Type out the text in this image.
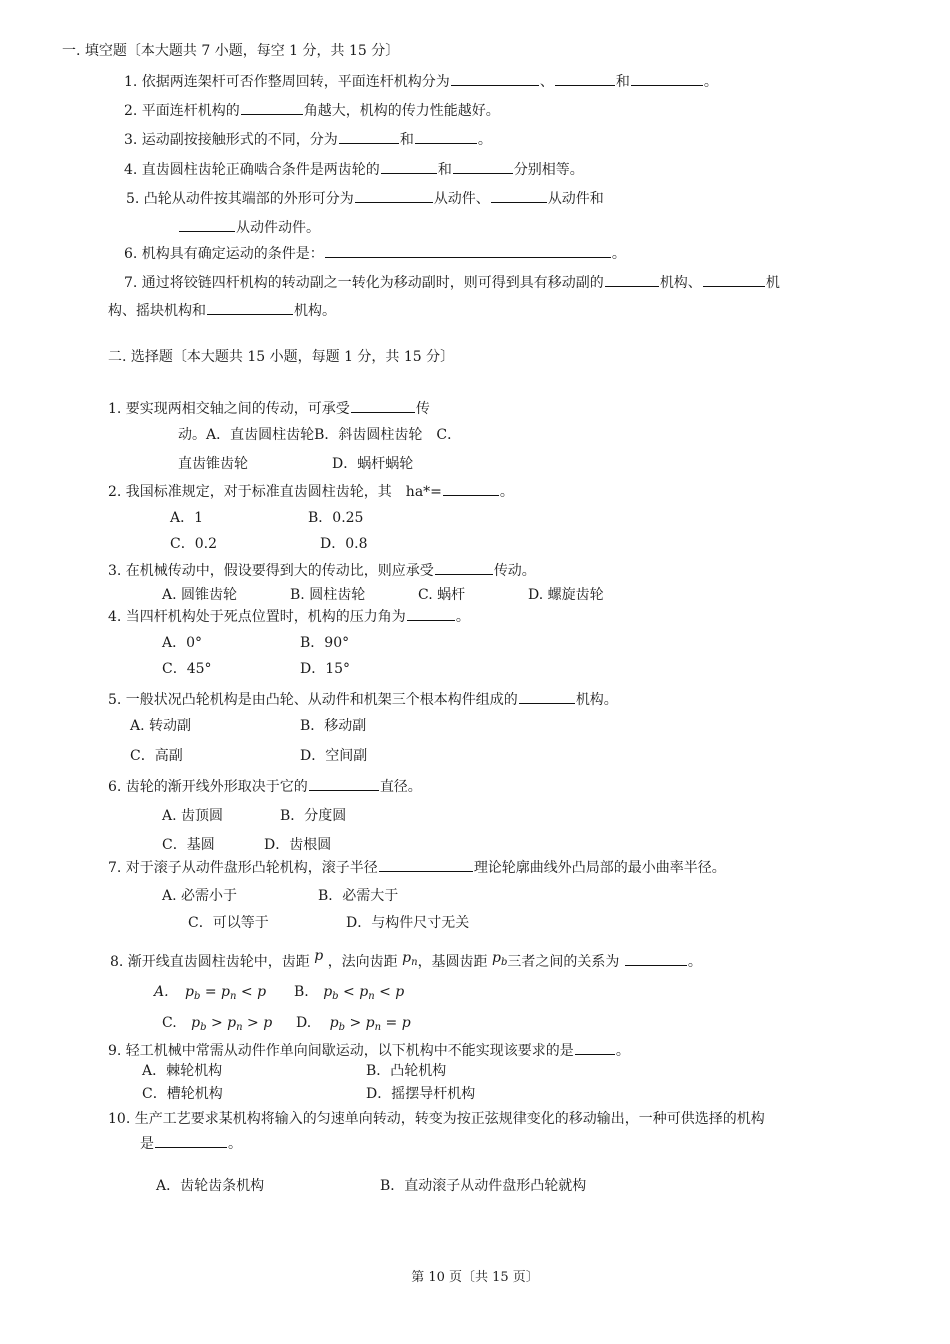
一. 填空题〔本大题共 7 小题，每空 1 分，共 15 分〕
1. 依据两连架杆可否作整周回转，平面连杆机构分为	、	和	。
2. 平面连杆机构的	角越大，机构的传力性能越好。
3. 运动副按接触形式的不同，分为	和	。
4. 直齿圆柱齿轮正确啮合条件是两齿轮的	和	分别相等。
5. 凸轮从动件按其端部的外形可分为	从动件、	从动件和
从动件动件。
6. 机构具有确定运动的条件是：	。
7. 通过将铰链四杆机构的转动副之一转化为移动副时，则可得到具有移动副的	机构、	机
构、摇块机构和	机构。
二. 选择题〔本大题共 15 小题，每题 1 分，共 15 分〕
1. 要实现两相交轴之间的传动，可承受	传
动。A．直齿圆柱齿轮B．斜齿圆柱齿轮　C．
直齿锥齿轮	D．蜗杆蜗轮
2. 我国标准规定，对于标准直齿圆柱齿轮，其　ha*=	。
A．1	B．0.25
C．0.2	D．0.8
3. 在机械传动中，假设要得到大的传动比，则应承受	传动。
A. 圆锥齿轮	B. 圆柱齿轮	C. 蜗杆	D. 螺旋齿轮
4. 当四杆机构处于死点位置时，机构的压力角为	。
A．0°	B．90°
C．45°	D．15°
5. 一般状况凸轮机构是由凸轮、从动件和机架三个根本构件组成的	机构。
A. 转动副	B．移动副
C．高副	D．空间副
6. 齿轮的渐开线外形取决于它的	直径。
A. 齿顶圆	B．分度圆
C．基圆	D．齿根圆
7. 对于滚子从动件盘形凸轮机构，滚子半径	理论轮廓曲线外凸局部的最小曲率半径。
A. 必需小于	B．必需大于
C．可以等于	D．与构件尺寸无关
8. 渐开线直齿圆柱齿轮中，齿距 p ，法向齿距 $p_n$，基圆齿距 $p_b$三者之间的关系为	。
A. $p_b = p_n < p$ B. $p_b < p_n < p$
C. $p_b > p_n > p$ D. $p_b > p_n = p$
9. 轻工机械中常需从动件作单向间歇运动，以下机构中不能实现该要求的是	。
A．棘轮机构	B．凸轮机构
C．槽轮机构	D．摇摆导杆机构
10. 生产工艺要求某机构将输入的匀速单向转动，转变为按正弦规律变化的移动输出，一种可供选择的机构
是	。
A．齿轮齿条机构	B．直动滚子从动件盘形凸轮就构
第 10 页〔共 15 页〕
